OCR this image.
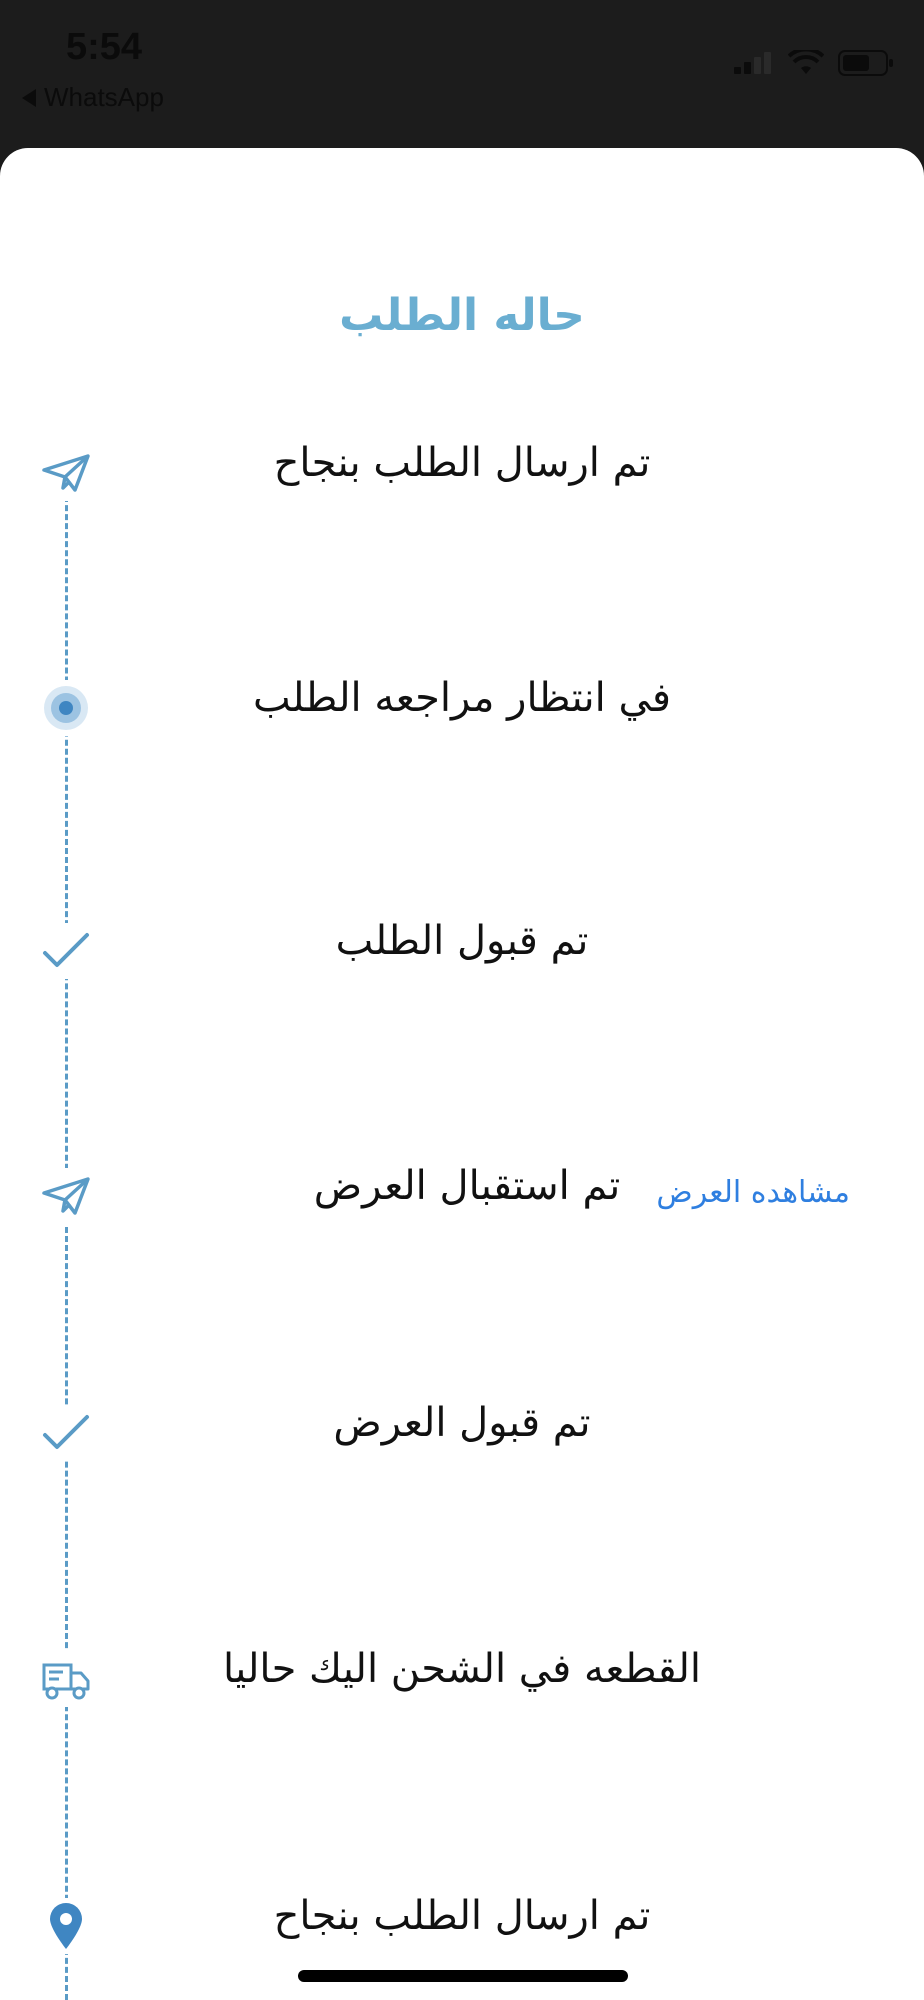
5:54
WhatsApp
حاله الطلب
تم ارسال الطلب بنجاح
في انتظار مراجعه الطلب
تم قبول الطلب
تم استقبال العرض	مشاهده العرض
تم قبول العرض
القطعه في الشحن اليك حاليا
تم ارسال الطلب بنجاح
